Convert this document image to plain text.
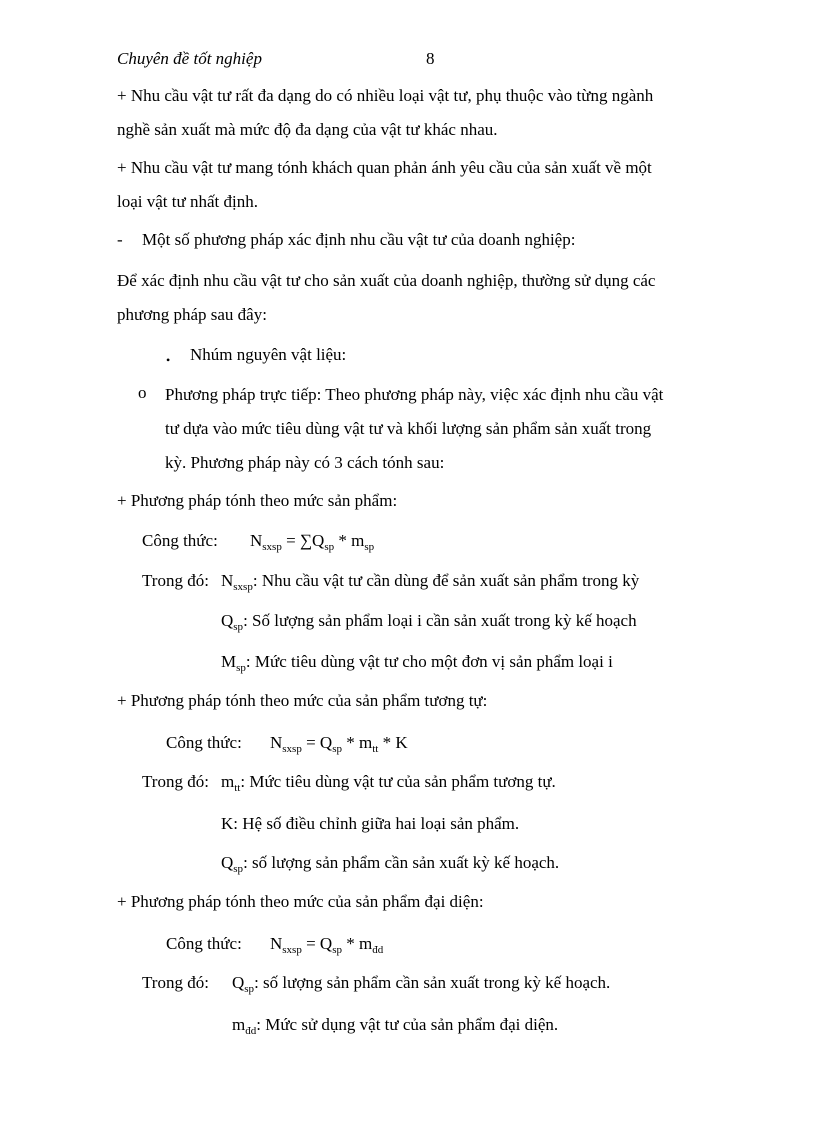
Chuyên đề tốt nghiệp	8
+ Nhu cầu vật tư rất đa dạng do có nhiều loại vật tư, phụ thuộc vào từng ngành
nghề sản xuất mà mức độ đa dạng của vật tư khác nhau.
+ Nhu cầu vật tư mang tónh khách quan phản ánh yêu cầu của sản xuất về một
loại vật tư nhất định.
- Một số phương pháp xác định nhu cầu vật tư của doanh nghiệp:
Để xác định nhu cầu vật tư cho sản xuất của doanh nghiệp, thường sử dụng các
phương pháp sau đây:
• Nhúm nguyên vật liệu:
o Phương pháp trực tiếp: Theo phương pháp này, việc xác định nhu cầu vật
tư dựa vào mức tiêu dùng vật tư và khối lượng sản phẩm sản xuất trong
kỳ. Phương pháp này có 3 cách tónh sau:
+ Phương pháp tónh theo mức sản phẩm:
Công thức: $N_{sxsp} = \sum Q_{sp} * m_{sp}$
Trong đó: $N_{sxsp}$: Nhu cầu vật tư cần dùng để sản xuất sản phẩm trong kỳ
$Q_{sp}$: Số lượng sản phẩm loại i cần sản xuất trong kỳ kế hoạch
$M_{sp}$: Mức tiêu dùng vật tư cho một đơn vị sản phẩm loại i
+ Phương pháp tónh theo mức của sản phẩm tương tự:
Công thức: $N_{sxsp} = Q_{sp} * m_{tt} * K$
Trong đó: $m_{tt}$: Mức tiêu dùng vật tư của sản phẩm tương tự.
K: Hệ số điều chỉnh giữa hai loại sản phẩm.
$Q_{sp}$: số lượng sản phẩm cần sản xuất kỳ kế hoạch.
+ Phương pháp tónh theo mức của sản phẩm đại diện:
Công thức: $N_{sxsp} = Q_{sp} * m_{đd}$
Trong đó: $Q_{sp}$: số lượng sản phẩm cần sản xuất trong kỳ kế hoạch.
$m_{đd}$: Mức sử dụng vật tư của sản phẩm đại diện.
